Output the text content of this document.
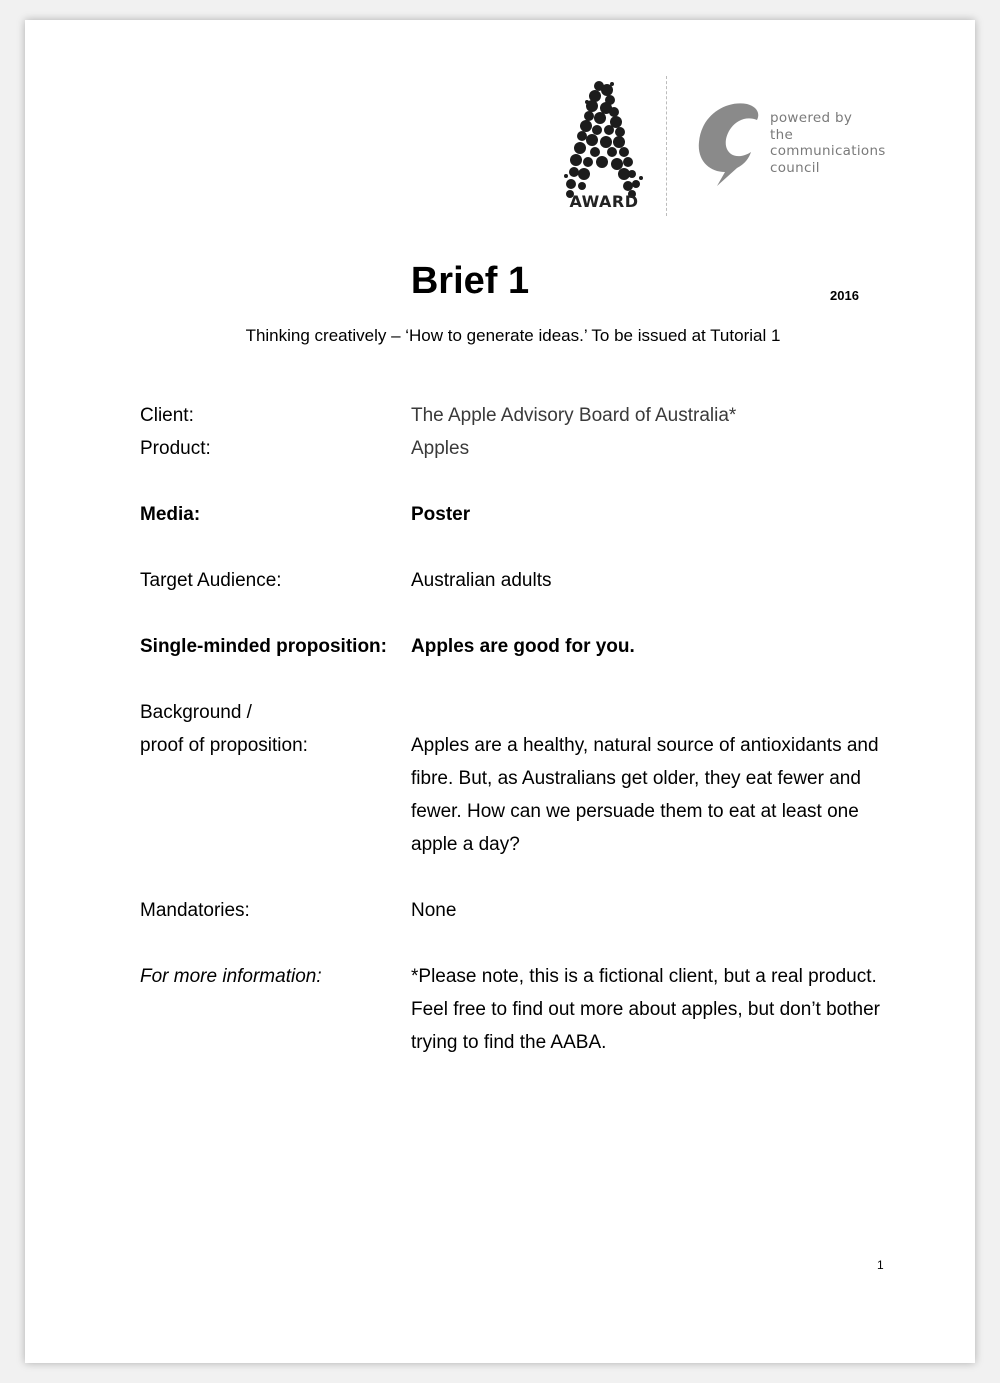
AWARD
powered by
the
communications
council
Brief 1	2016
Thinking creatively – ‘How to generate ideas.’ To be issued at Tutorial 1
Client:	The Apple Advisory Board of Australia*
Product:	Apples
Media:	Poster
Target Audience:	Australian adults
Single-minded proposition:	Apples are good for you.
Background /
proof of proposition:	Apples are a healthy, natural source of antioxidants and
fibre. But, as Australians get older, they eat fewer and
fewer. How can we persuade them to eat at least one
apple a day?
Mandatories:	None
For more information:	*Please note, this is a fictional client, but a real product.
Feel free to find out more about apples, but don’t bother
trying to find the AABA.
1
